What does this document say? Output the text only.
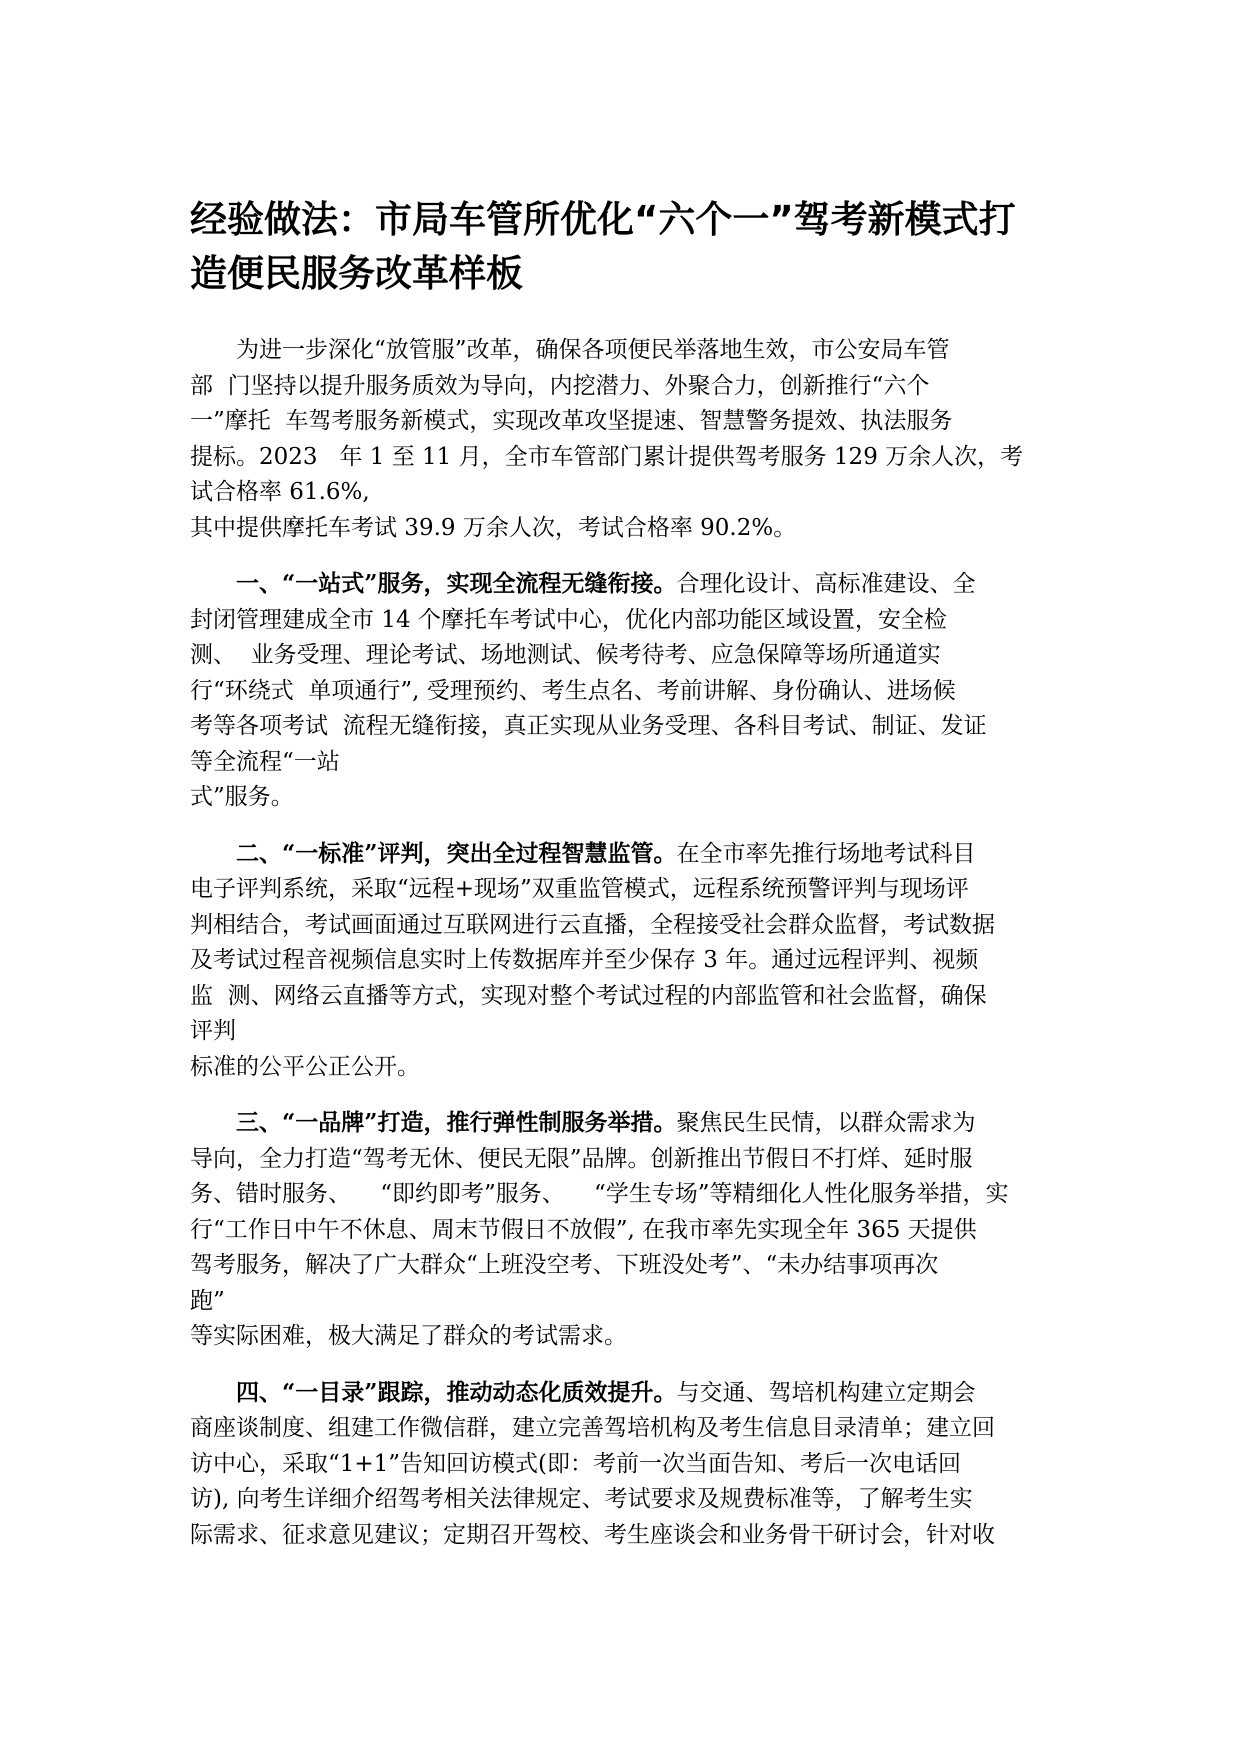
经验做法：市局车管所优化“六个一”驾考新模式打
造便民服务改革样板
为进一步深化“放管服”改革，确保各项便民举落地生效，市公安局车管
部  门坚持以提升服务质效为导向，内挖潜力、外聚合力，创新推行“六个
一”摩托  车驾考服务新模式，实现改革攻坚提速、智慧警务提效、执法服务
提标。2023   年 1 至 11 月，全市车管部门累计提供驾考服务 129 万余人次，考
试合格率 61.6%,
其中提供摩托车考试 39.9 万余人次，考试合格率 90.2%。
一、“一站式”服务，实现全流程无缝衔接。合理化设计、高标准建设、全
封闭管理建成全市 14 个摩托车考试中心，优化内部功能区域设置，安全检
测、  业务受理、理论考试、场地测试、候考待考、应急保障等场所通道实
行“环绕式  单项通行”, 受理预约、考生点名、考前讲解、身份确认、进场候
考等各项考试  流程无缝衔接，真正实现从业务受理、各科目考试、制证、发证
等全流程“一站
式”服务。
二、“一标准”评判，突出全过程智慧监管。在全市率先推行场地考试科目
电子评判系统，采取“远程+现场”双重监管模式，远程系统预警评判与现场评
判相结合，考试画面通过互联网进行云直播，全程接受社会群众监督，考试数据
及考试过程音视频信息实时上传数据库并至少保存 3 年。通过远程评判、视频
监  测、网络云直播等方式，实现对整个考试过程的内部监管和社会监督，确保
评判
标准的公平公正公开。
三、“一品牌”打造，推行弹性制服务举措。聚焦民生民情，以群众需求为
导向，全力打造“驾考无休、便民无限”品牌。创新推出节假日不打烊、延时服
务、错时服务、    “即约即考”服务、    “学生专场”等精细化人性化服务举措，实
行“工作日中午不休息、周末节假日不放假”, 在我市率先实现全年 365 天提供
驾考服务，解决了广大群众“上班没空考、下班没处考”、“未办结事项再次
跑”
等实际困难，极大满足了群众的考试需求。
四、“一目录”跟踪，推动动态化质效提升。与交通、驾培机构建立定期会
商座谈制度、组建工作微信群，建立完善驾培机构及考生信息目录清单；建立回
访中心，采取“1+1”告知回访模式(即：考前一次当面告知、考后一次电话回
访), 向考生详细介绍驾考相关法律规定、考试要求及规费标准等，了解考生实
际需求、征求意见建议；定期召开驾校、考生座谈会和业务骨干研讨会，针对收
